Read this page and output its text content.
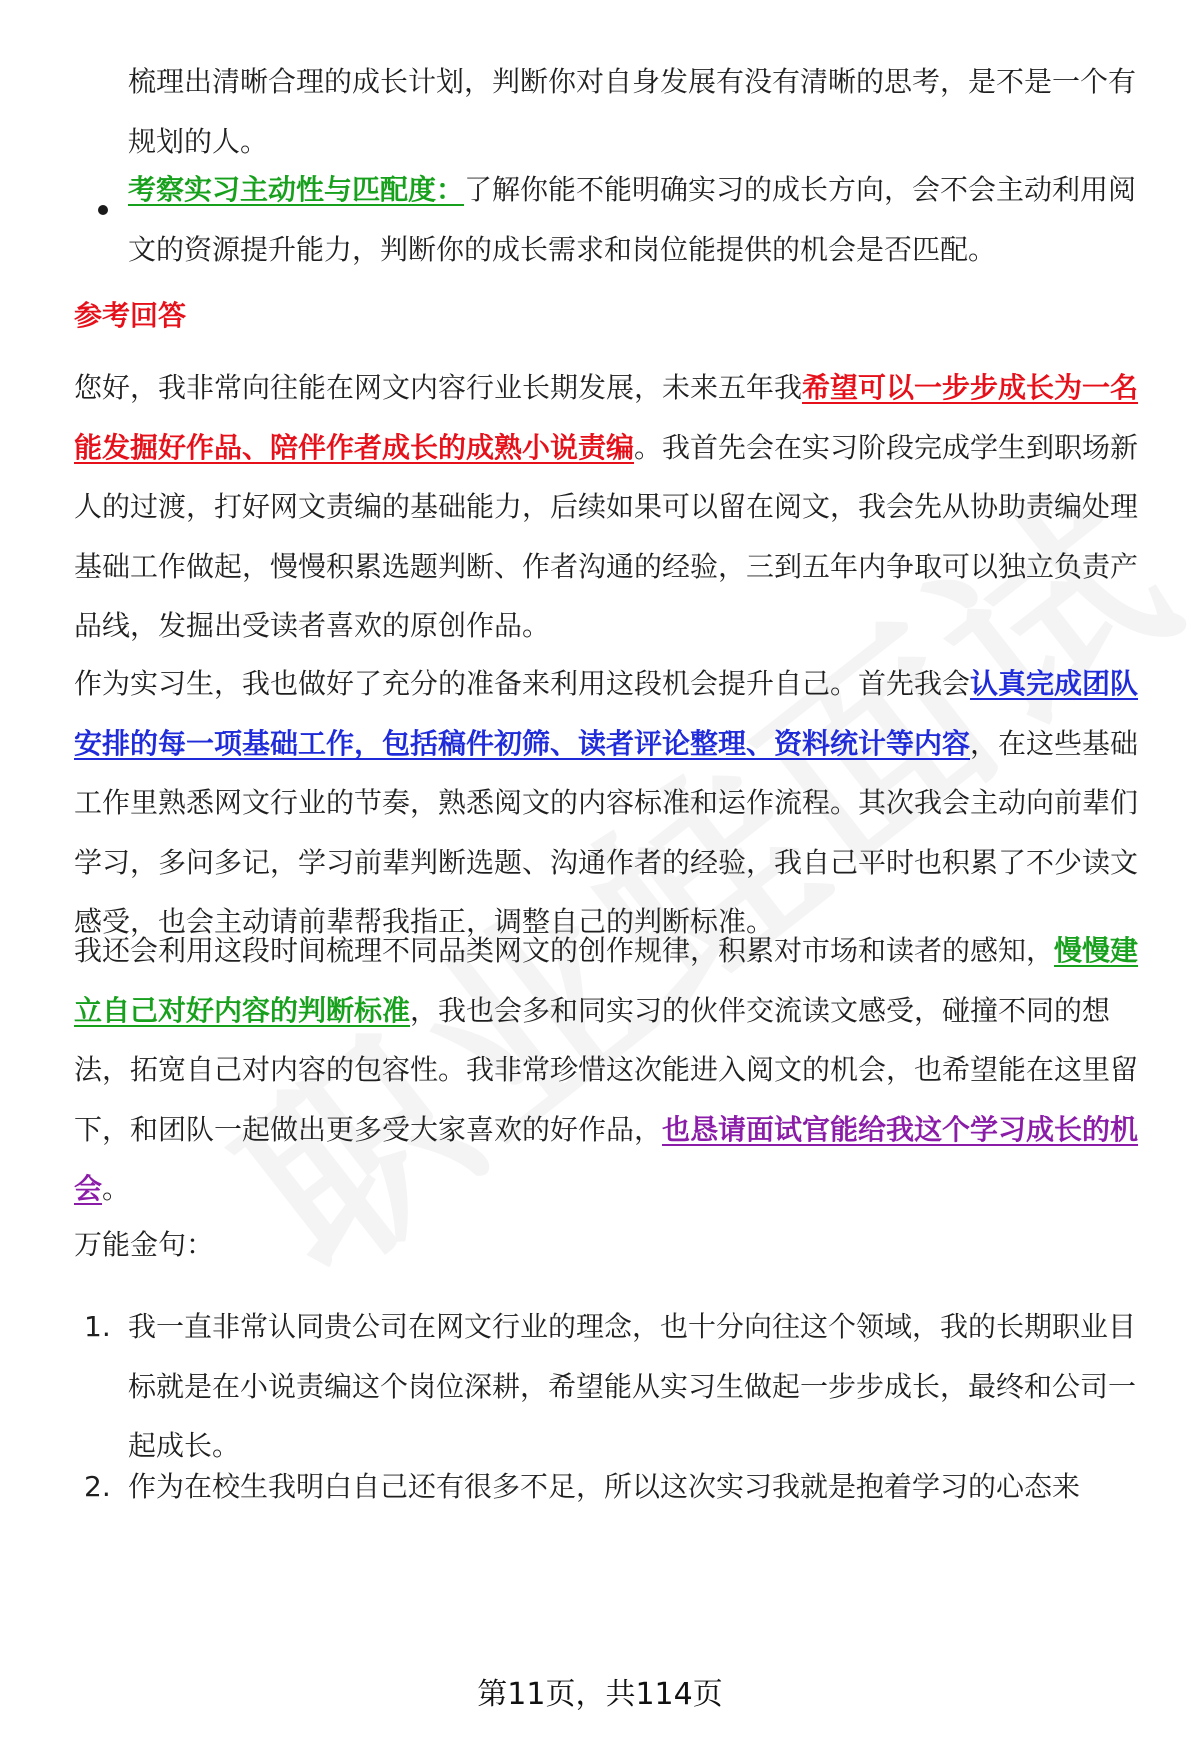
梳理出清晰合理的成长计划，判断你对自身发展有没有清晰的思考，是不是一个有规划的人。

考察实习主动性与匹配度：了解你能不能明确实习的成长方向，会不会主动利用阅文的资源提升能力，判断你的成长需求和岗位能提供的机会是否匹配。

参考回答

您好，我非常向往能在网文内容行业长期发展，未来五年我希望可以一步步成长为一名能发掘好作品、陪伴作者成长的成熟小说责编。我首先会在实习阶段完成学生到职场新人的过渡，打好网文责编的基础能力，后续如果可以留在阅文，我会先从协助责编处理基础工作做起，慢慢积累选题判断、作者沟通的经验，三到五年内争取可以独立负责产品线，发掘出受读者喜欢的原创作品。

作为实习生，我也做好了充分的准备来利用这段机会提升自己。首先我会认真完成团队安排的每一项基础工作，包括稿件初筛、读者评论整理、资料统计等内容，在这些基础工作里熟悉网文行业的节奏，熟悉阅文的内容标准和运作流程。其次我会主动向前辈们学习，多问多记，学习前辈判断选题、沟通作者的经验，我自己平时也积累了不少读文感受，也会主动请前辈帮我指正，调整自己的判断标准。

我还会利用这段时间梳理不同品类网文的创作规律，积累对市场和读者的感知，慢慢建立自己对好内容的判断标准，我也会多和同实习的伙伴交流读文感受，碰撞不同的想法，拓宽自己对内容的包容性。我非常珍惜这次能进入阅文的机会，也希望能在这里留下，和团队一起做出更多受大家喜欢的好作品，也恳请面试官能给我这个学习成长的机会。

万能金句：

1. 我一直非常认同贵公司在网文行业的理念，也十分向往这个领域，我的长期职业目标就是在小说责编这个岗位深耕，希望能从实习生做起一步步成长，最终和公司一起成长。

2. 作为在校生我明白自己还有很多不足，所以这次实习我就是抱着学习的心态来

第11页，共114页
